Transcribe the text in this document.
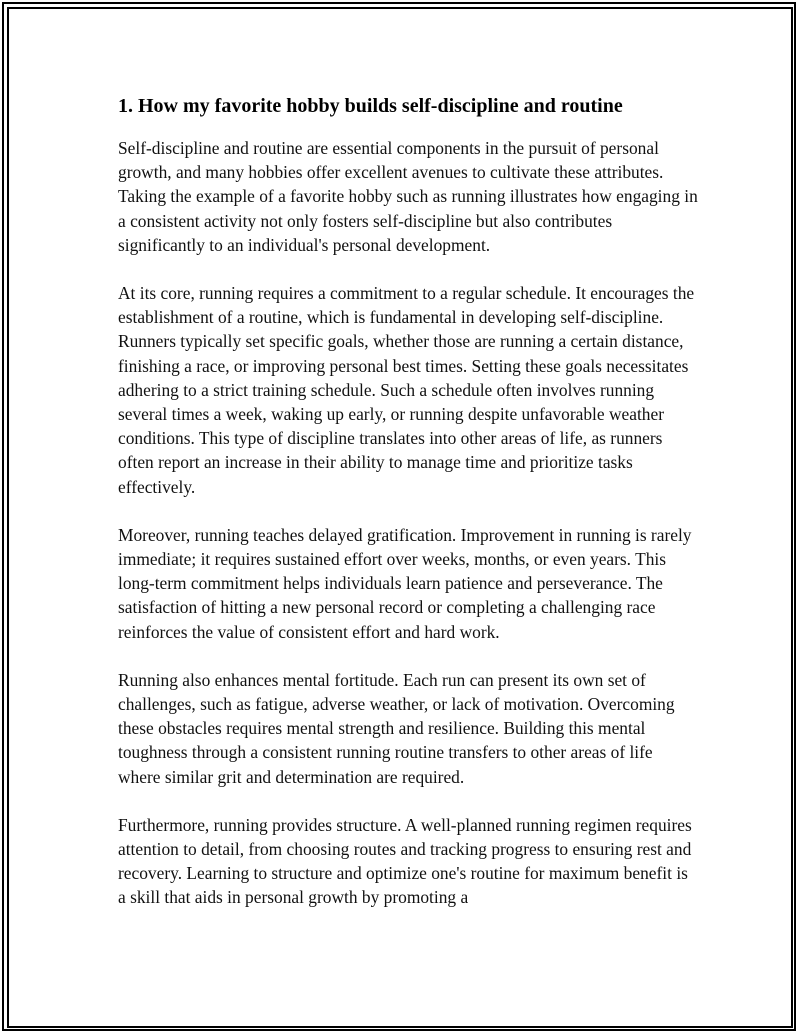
1. How my favorite hobby builds self-discipline and routine

Self-discipline and routine are essential components in the pursuit of personal growth, and many hobbies offer excellent avenues to cultivate these attributes. Taking the example of a favorite hobby such as running illustrates how engaging in a consistent activity not only fosters self-discipline but also contributes significantly to an individual's personal development.

At its core, running requires a commitment to a regular schedule. It encourages the establishment of a routine, which is fundamental in developing self-discipline. Runners typically set specific goals, whether those are running a certain distance, finishing a race, or improving personal best times. Setting these goals necessitates adhering to a strict training schedule. Such a schedule often involves running several times a week, waking up early, or running despite unfavorable weather conditions. This type of discipline translates into other areas of life, as runners often report an increase in their ability to manage time and prioritize tasks effectively.

Moreover, running teaches delayed gratification. Improvement in running is rarely immediate; it requires sustained effort over weeks, months, or even years. This long-term commitment helps individuals learn patience and perseverance. The satisfaction of hitting a new personal record or completing a challenging race reinforces the value of consistent effort and hard work.

Running also enhances mental fortitude. Each run can present its own set of challenges, such as fatigue, adverse weather, or lack of motivation. Overcoming these obstacles requires mental strength and resilience. Building this mental toughness through a consistent running routine transfers to other areas of life where similar grit and determination are required.

Furthermore, running provides structure. A well-planned running regimen requires attention to detail, from choosing routes and tracking progress to ensuring rest and recovery. Learning to structure and optimize one's routine for maximum benefit is a skill that aids in personal growth by promoting a
